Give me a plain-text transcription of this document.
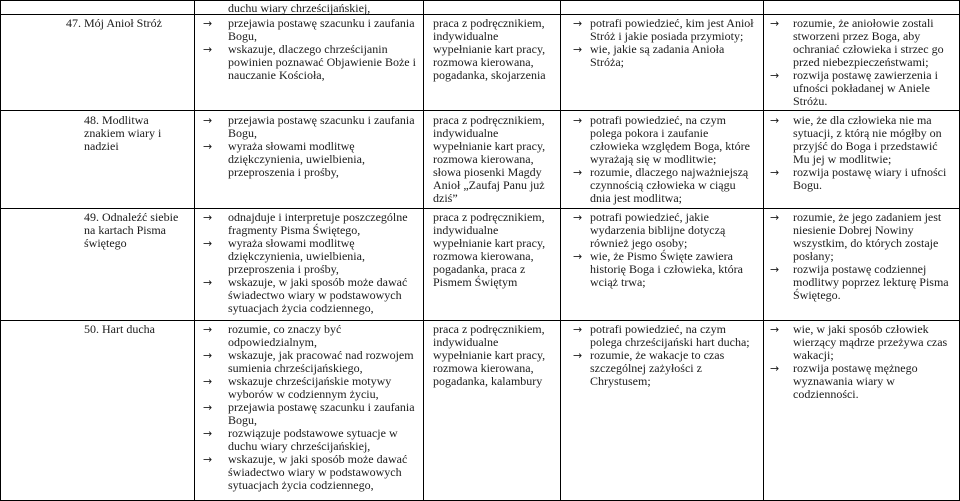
duchu wiary chrześcijańskiej,
47. Mój Anioł Stróż	→ przejawia postawę szacunku i zaufania Bogu,
→ wskazuje, dlaczego chrześcijanin powinien poznawać Objawienie Boże i nauczanie Kościoła,
praca z podręcznikiem, indywidualne wypełnianie kart pracy, rozmowa kierowana, pogadanka, skojarzenia
→ potrafi powiedzieć, kim jest Anioł Stróż i jakie posiada przymioty;
→ wie, jakie są zadania Anioła Stróża;
→ rozumie, że aniołowie zostali stworzeni przez Boga, aby ochraniać człowieka i strzec go przed niebezpieczeństwami;
→ rozwija postawę zawierzenia i ufności pokładanej w Aniele Stróżu.
48. Modlitwa znakiem wiary i nadziei
→ przejawia postawę szacunku i zaufania Bogu,
→ wyraża słowami modlitwę dziękczynienia, uwielbienia, przeproszenia i prośby,
praca z podręcznikiem, indywidualne wypełnianie kart pracy, rozmowa kierowana, słowa piosenki Magdy Anioł „Zaufaj Panu już dziś”
→ potrafi powiedzieć, na czym polega pokora i zaufanie człowieka względem Boga, które wyrażają się w modlitwie;
→ rozumie, dlaczego najważniejszą czynnością człowieka w ciągu dnia jest modlitwa;
→ wie, że dla człowieka nie ma sytuacji, z którą nie mógłby on przyjść do Boga i przedstawić Mu jej w modlitwie;
→ rozwija postawę wiary i ufności Bogu.
49. Odnaleźć siebie na kartach Pisma świętego
→ odnajduje i interpretuje poszczególne fragmenty Pisma Świętego,
→ wyraża słowami modlitwę dziękczynienia, uwielbienia, przeproszenia i prośby,
→ wskazuje, w jaki sposób może dawać świadectwo wiary w podstawowych sytuacjach życia codziennego,
praca z podręcznikiem, indywidualne wypełnianie kart pracy, rozmowa kierowana, pogadanka, praca z Pismem Świętym
→ potrafi powiedzieć, jakie wydarzenia biblijne dotyczą również jego osoby;
→ wie, że Pismo Święte zawiera historię Boga i człowieka, która wciąż trwa;
→ rozumie, że jego zadaniem jest niesienie Dobrej Nowiny wszystkim, do których zostaje posłany;
→ rozwija postawę codziennej modlitwy poprzez lekturę Pisma Świętego.
50. Hart ducha	→ rozumie, co znaczy być odpowiedzialnym,
→ wskazuje, jak pracować nad rozwojem sumienia chrześcijańskiego,
→ wskazuje chrześcijańskie motywy wyborów w codziennym życiu,
→ przejawia postawę szacunku i zaufania Bogu,
→ rozwiązuje podstawowe sytuacje w duchu wiary chrześcijańskiej,
→ wskazuje, w jaki sposób może dawać świadectwo wiary w podstawowych sytuacjach życia codziennego,
praca z podręcznikiem, indywidualne wypełnianie kart pracy, rozmowa kierowana, pogadanka, kalambury
→ potrafi powiedzieć, na czym polega chrześcijański hart ducha;
→ rozumie, że wakacje to czas szczególnej zażyłości z Chrystusem;
→ wie, w jaki sposób człowiek wierzący mądrze przeżywa czas wakacji;
→ rozwija postawę mężnego wyznawania wiary w codzienności.
